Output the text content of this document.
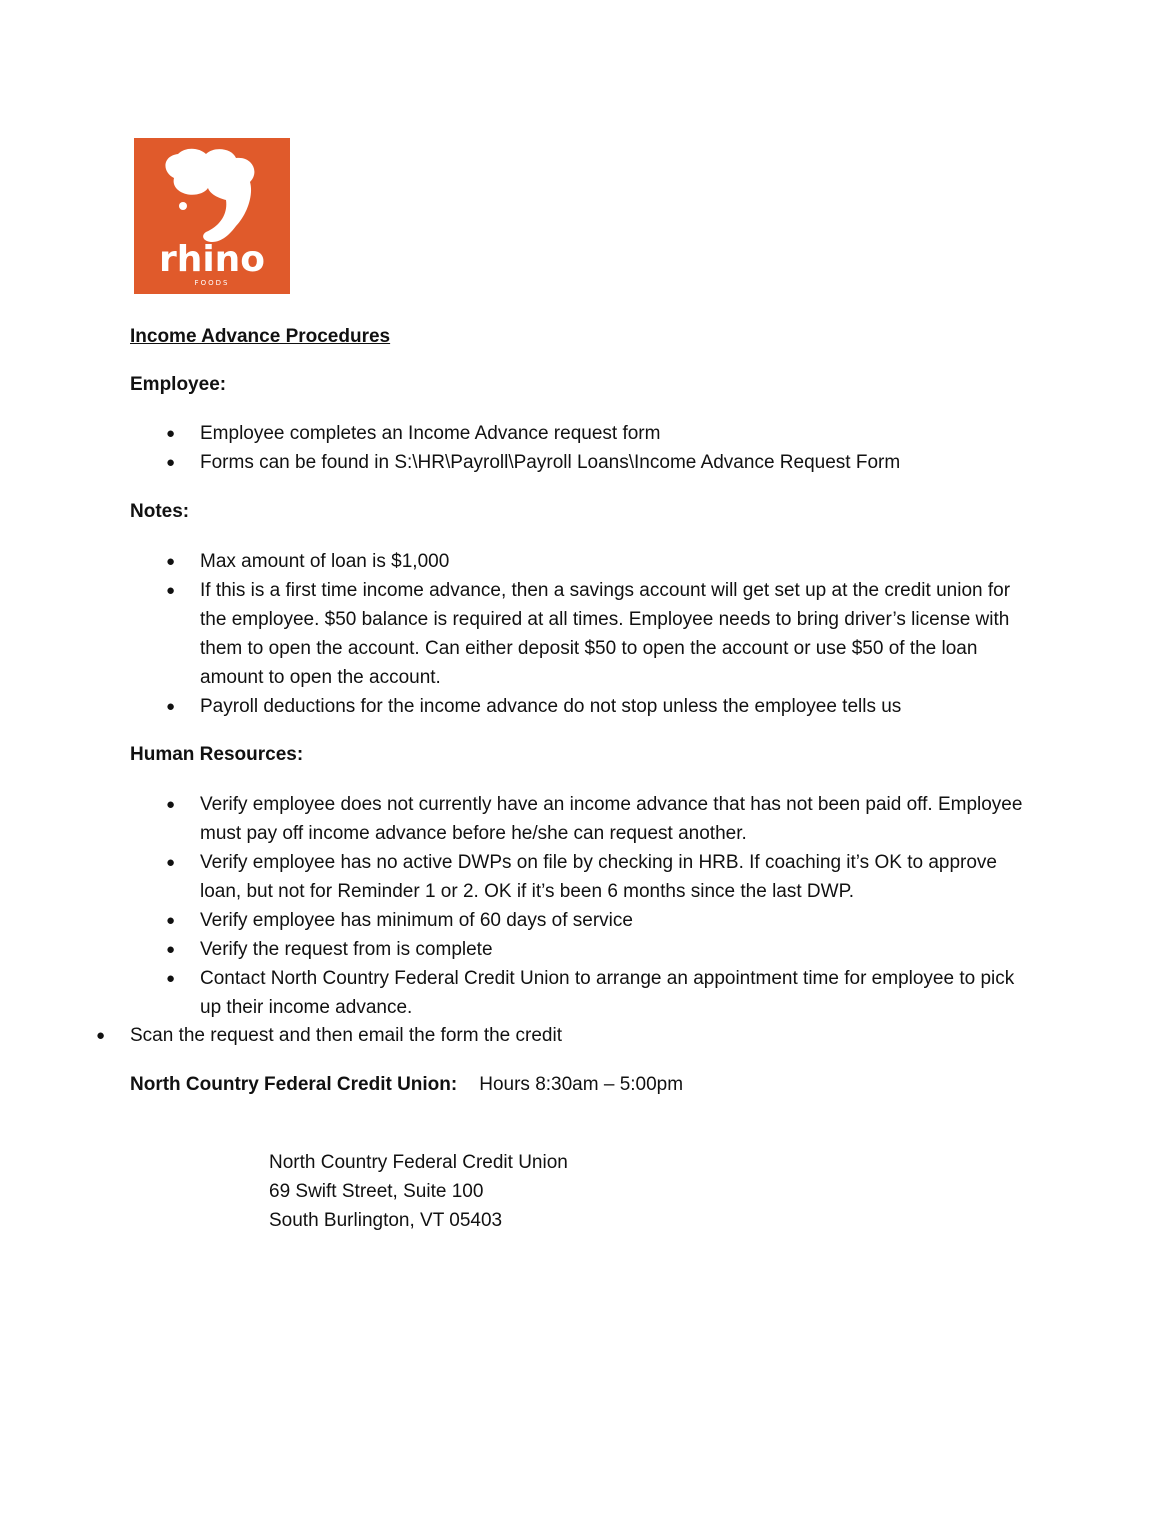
rhino
FOODS
Income Advance Procedures
Employee:
● Employee completes an Income Advance request form
● Forms can be found in S:\HR\Payroll\Payroll Loans\Income Advance Request Form
Notes:
● Max amount of loan is $1,000
● If this is a first time income advance, then a savings account will get set up at the credit union for the employee. $50 balance is required at all times. Employee needs to bring driver’s license with them to open the account. Can either deposit $50 to open the account or use $50 of the loan amount to open the account.
● Payroll deductions for the income advance do not stop unless the employee tells us
Human Resources:
● Verify employee does not currently have an income advance that has not been paid off. Employee must pay off income advance before he/she can request another.
● Verify employee has no active DWPs on file by checking in HRB. If coaching it’s OK to approve loan, but not for Reminder 1 or 2. OK if it’s been 6 months since the last DWP.
● Verify employee has minimum of 60 days of service
● Verify the request from is complete
● Contact North Country Federal Credit Union to arrange an appointment time for employee to pick up their income advance.
● Scan the request and then email the form the credit
North Country Federal Credit Union: Hours 8:30am – 5:00pm
North Country Federal Credit Union
69 Swift Street, Suite 100
South Burlington, VT 05403
